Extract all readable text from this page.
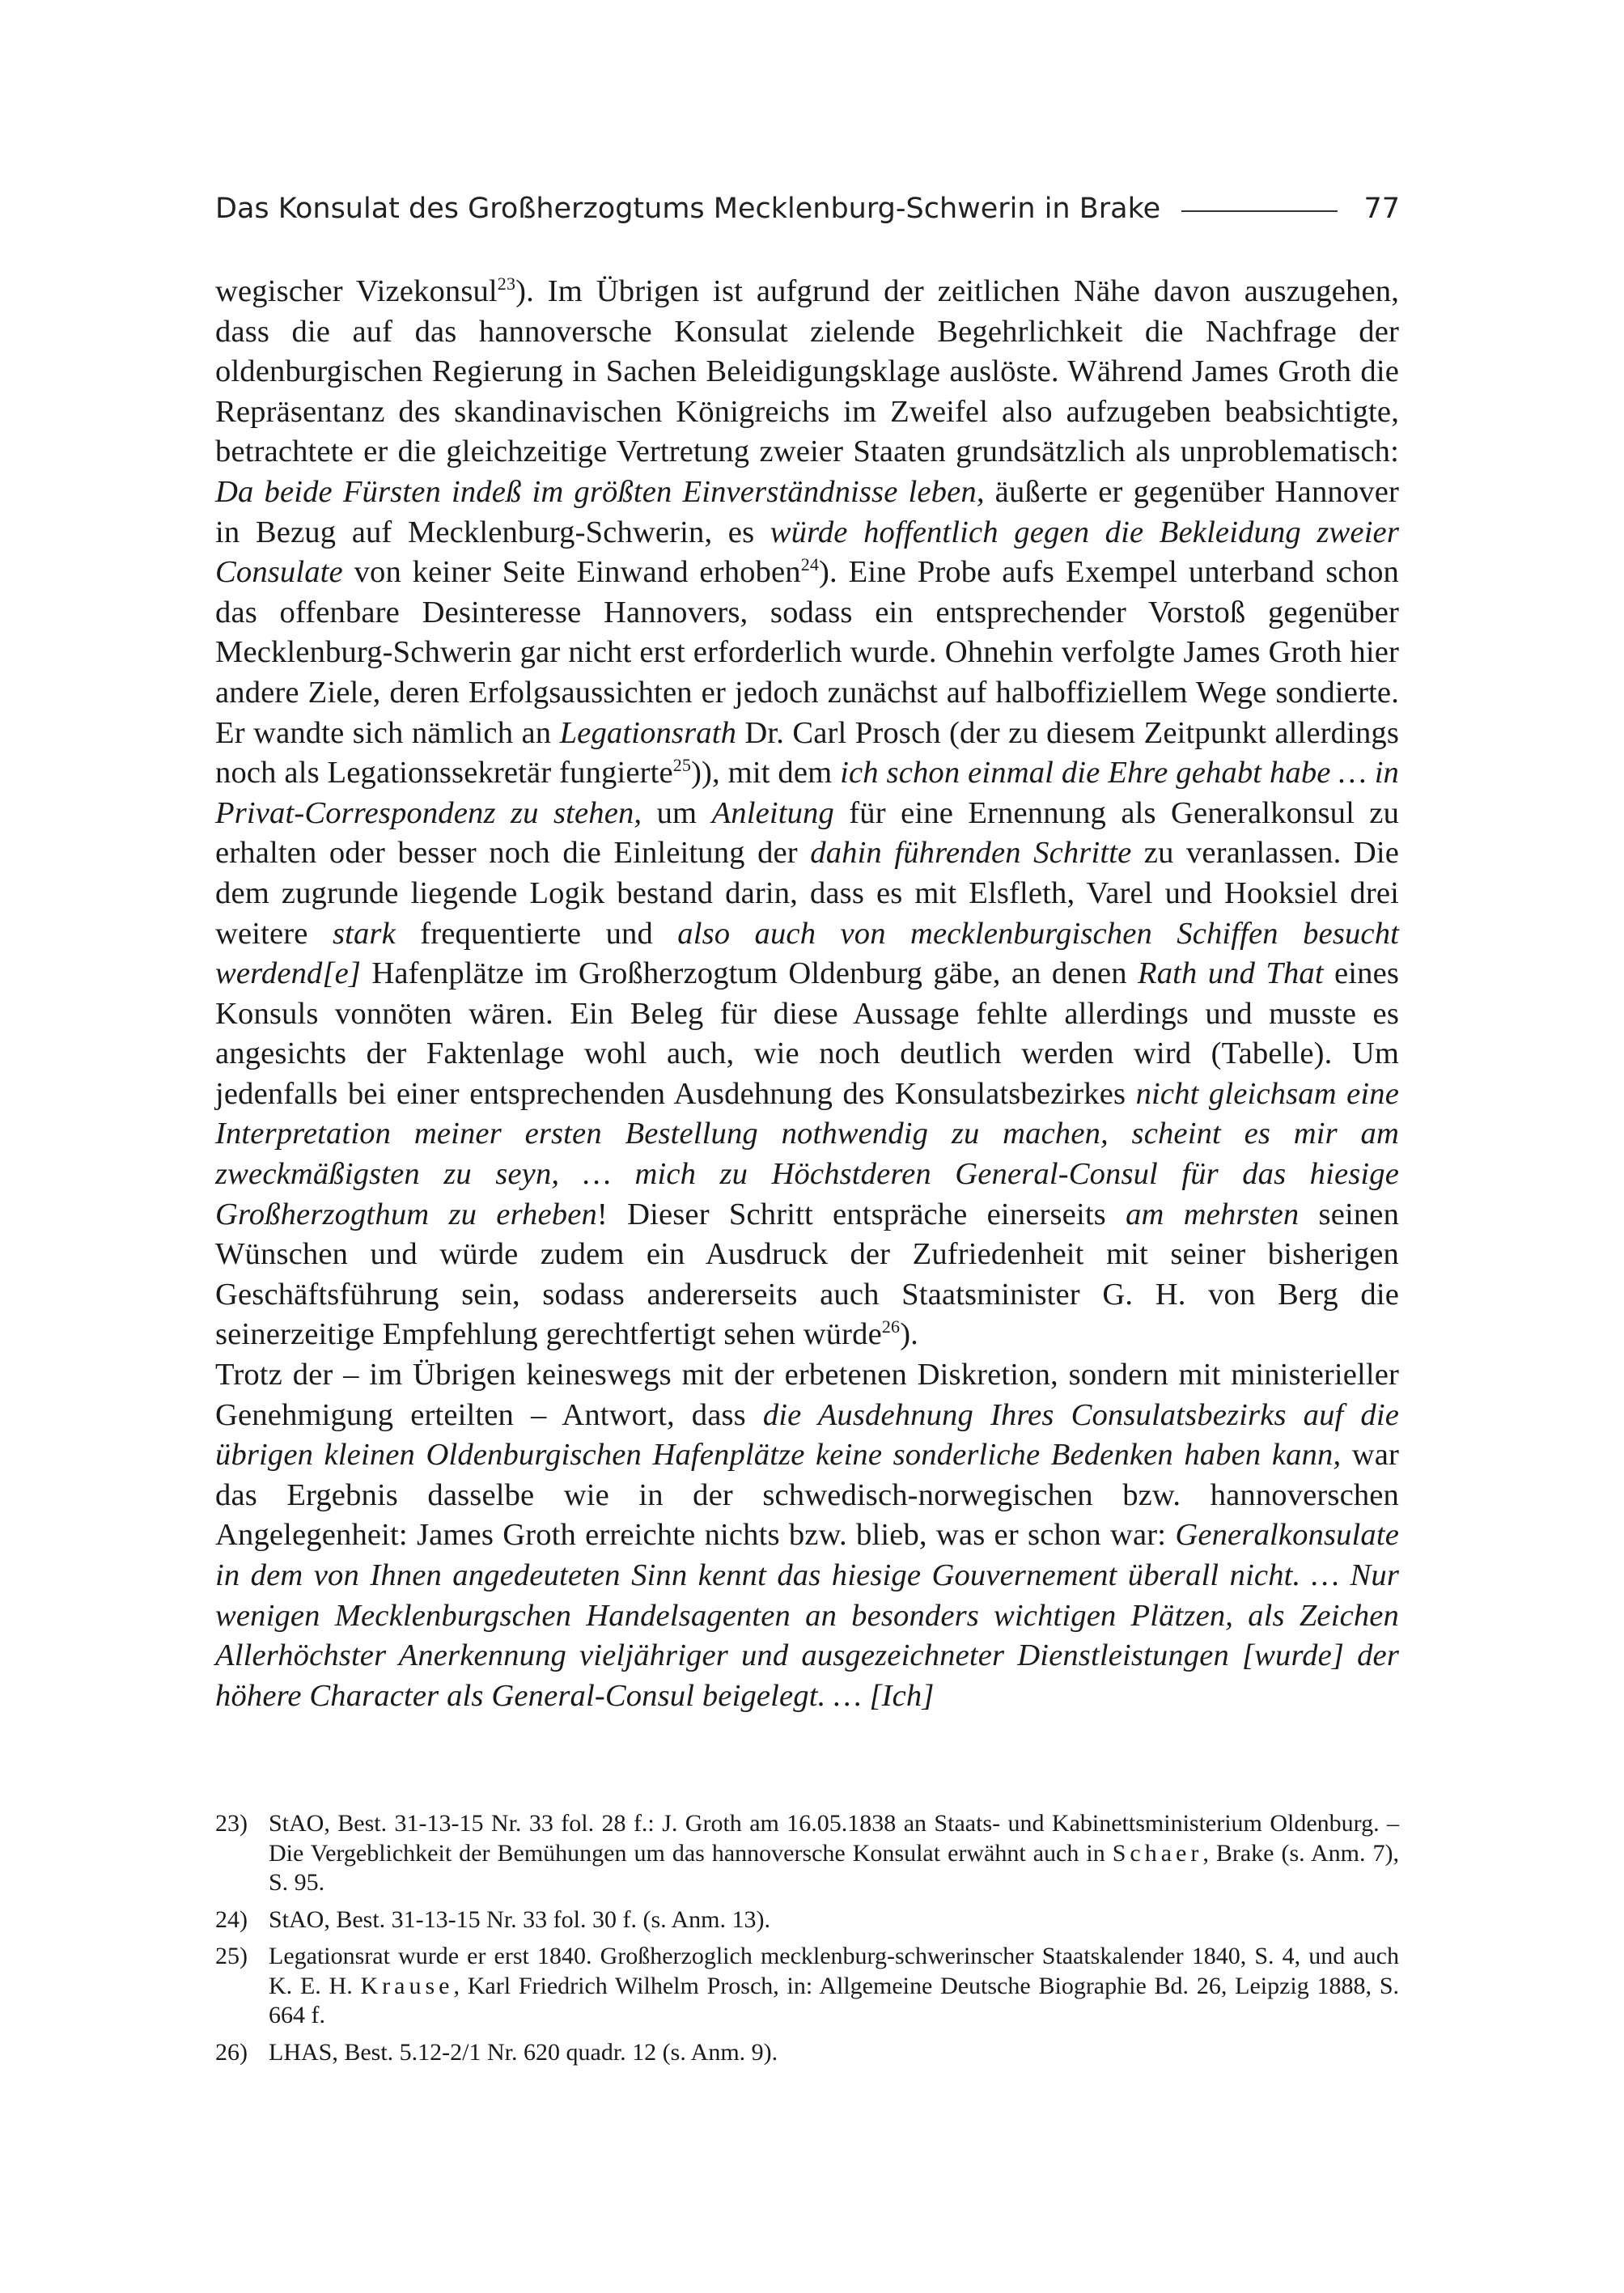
Das Konsulat des Großherzogtums Mecklenburg-Schwerin in Brake	77

wegischer Vizekonsul$^{23}$). Im Übrigen ist aufgrund der zeitlichen Nähe davon auszugehen, dass die auf das hannoversche Konsulat zielende Begehrlichkeit die Nachfrage der oldenburgischen Regierung in Sachen Beleidigungsklage auslöste. Während James Groth die Repräsentanz des skandinavischen Königreichs im Zweifel also aufzugeben beabsichtigte, betrachtete er die gleichzeitige Vertretung zweier Staaten grundsätzlich als unproblematisch: Da beide Fürsten indeß im größten Einverständnisse leben, äußerte er gegenüber Hannover in Bezug auf Mecklenburg-Schwerin, es würde hoffentlich gegen die Bekleidung zweier Consulate von keiner Seite Einwand erhoben$^{24}$). Eine Probe aufs Exempel unterband schon das offenbare Desinteresse Hannovers, sodass ein entsprechender Vorstoß gegenüber Mecklenburg-Schwerin gar nicht erst erforderlich wurde. Ohnehin verfolgte James Groth hier andere Ziele, deren Erfolgsaussichten er jedoch zunächst auf halboffiziellem Wege sondierte. Er wandte sich nämlich an Legationsrath Dr. Carl Prosch (der zu diesem Zeitpunkt allerdings noch als Legationssekretär fungierte$^{25}$)), mit dem ich schon einmal die Ehre gehabt habe … in Privat-Correspondenz zu stehen, um Anleitung für eine Ernennung als Generalkonsul zu erhalten oder besser noch die Einleitung der dahin führenden Schritte zu veranlassen. Die dem zugrunde liegende Logik bestand darin, dass es mit Elsfleth, Varel und Hooksiel drei weitere stark frequentierte und also auch von mecklenburgischen Schiffen besucht werdend[e] Hafenplätze im Großherzogtum Oldenburg gäbe, an denen Rath und That eines Konsuls vonnöten wären. Ein Beleg für diese Aussage fehlte allerdings und musste es angesichts der Faktenlage wohl auch, wie noch deutlich werden wird (Tabelle). Um jedenfalls bei einer entsprechenden Ausdehnung des Konsulatsbezirkes nicht gleichsam eine Interpretation meiner ersten Bestellung nothwendig zu machen, scheint es mir am zweckmäßigsten zu seyn, … mich zu Höchstderen General-Consul für das hiesige Großherzogthum zu erheben! Dieser Schritt entspräche einerseits am mehrsten seinen Wünschen und würde zudem ein Ausdruck der Zufriedenheit mit seiner bisherigen Geschäftsführung sein, sodass andererseits auch Staatsminister G. H. von Berg die seinerzeitige Empfehlung gerechtfertigt sehen würde$^{26}$).

Trotz der – im Übrigen keineswegs mit der erbetenen Diskretion, sondern mit ministerieller Genehmigung erteilten – Antwort, dass die Ausdehnung Ihres Consulatsbezirks auf die übrigen kleinen Oldenburgischen Hafenplätze keine sonderliche Bedenken haben kann, war das Ergebnis dasselbe wie in der schwedisch-norwegischen bzw. hannoverschen Angelegenheit: James Groth erreichte nichts bzw. blieb, was er schon war: Generalkonsulate in dem von Ihnen angedeuteten Sinn kennt das hiesige Gouvernement überall nicht. … Nur wenigen Mecklenburgschen Handelsagenten an besonders wichtigen Plätzen, als Zeichen Allerhöchster Anerkennung vieljähriger und ausgezeichneter Dienstleistungen [wurde] der höhere Character als General-Consul beigelegt. … [Ich]

23) StAO, Best. 31-13-15 Nr. 33 fol. 28 f.: J. Groth am 16.05.1838 an Staats- und Kabinettsministerium Oldenburg. – Die Vergeblichkeit der Bemühungen um das hannoversche Konsulat erwähnt auch in Schaer, Brake (s. Anm. 7), S. 95.
24) StAO, Best. 31-13-15 Nr. 33 fol. 30 f. (s. Anm. 13).
25) Legationsrat wurde er erst 1840. Großherzoglich mecklenburg-schwerinscher Staatskalender 1840, S. 4, und auch K. E. H. Krause, Karl Friedrich Wilhelm Prosch, in: Allgemeine Deutsche Biographie Bd. 26, Leipzig 1888, S. 664 f.
26) LHAS, Best. 5.12-2/1 Nr. 620 quadr. 12 (s. Anm. 9).
